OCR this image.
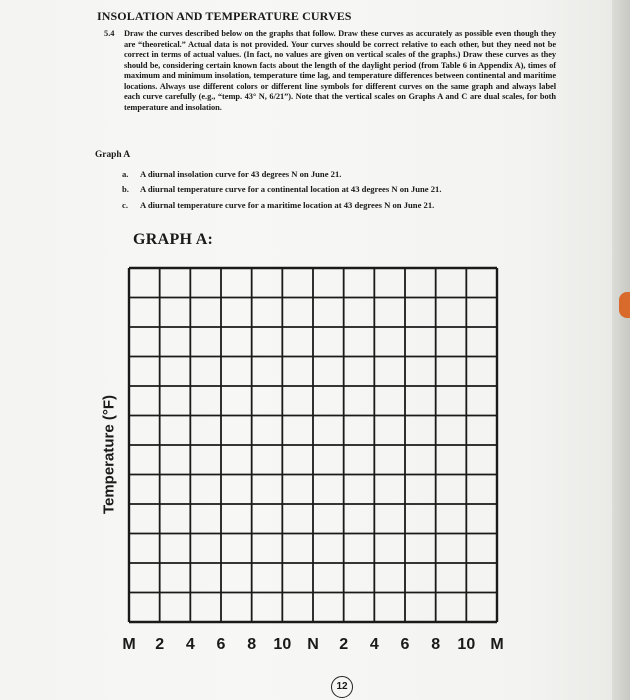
INSOLATION AND TEMPERATURE CURVES
5.4 Draw the curves described below on the graphs that follow. Draw these curves as accurately as possible even though they are “theoretical.” Actual data is not provided. Your curves should be correct relative to each other, but they need not be correct in terms of actual values. (In fact, no values are given on vertical scales of the graphs.) Draw these curves as they should be, considering certain known facts about the length of the daylight period (from Table 6 in Appendix A), times of maximum and minimum insolation, temperature time lag, and temperature differences between continental and maritime locations. Always use different colors or different line symbols for different curves on the same graph and always label each curve carefully (e.g., “temp. 43° N, 6/21”). Note that the vertical scales on Graphs A and C are dual scales, for both temperature and insolation.
Graph A
a. A diurnal insolation curve for 43 degrees N on June 21.
b. A diurnal temperature curve for a continental location at 43 degrees N on June 21.
c. A diurnal temperature curve for a maritime location at 43 degrees N on June 21.
GRAPH A:
Temperature (°F)
M 2 4 6 8 10 N 2 4 6 8 10 M
12
